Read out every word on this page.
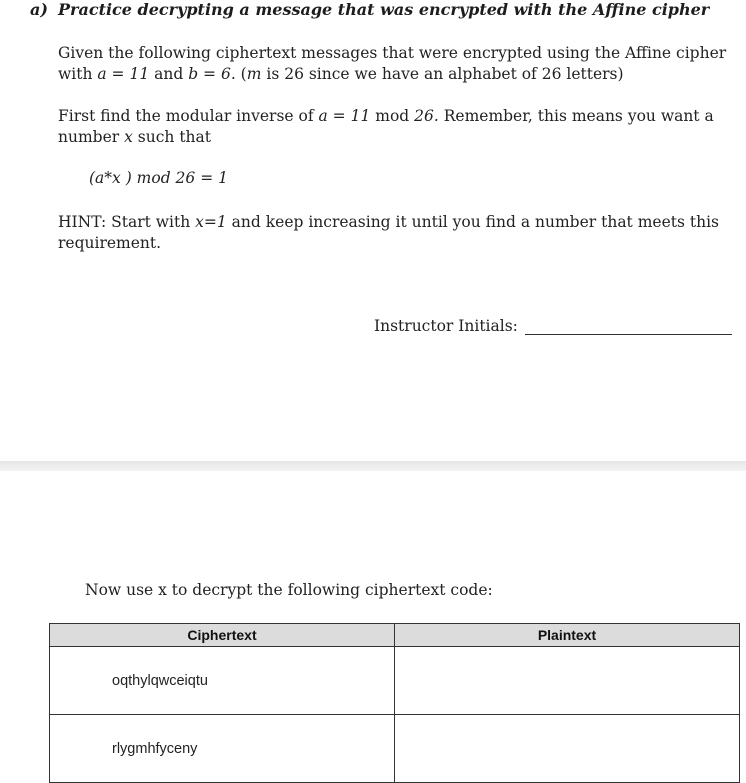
a) Practice decrypting a message that was encrypted with the Affine cipher
Given the following ciphertext messages that were encrypted using the Affine cipher
with a = 11 and b = 6. (m is 26 since we have an alphabet of 26 letters)
First find the modular inverse of a = 11 mod 26. Remember, this means you want a
number x such that
(a*x ) mod 26 = 1
HINT: Start with x=1 and keep increasing it until you find a number that meets this
requirement.
Instructor Initials:
Now use x to decrypt the following ciphertext code:
Ciphertext	Plaintext
oqthylqwceiqtu	
rlygmhfyceny	
